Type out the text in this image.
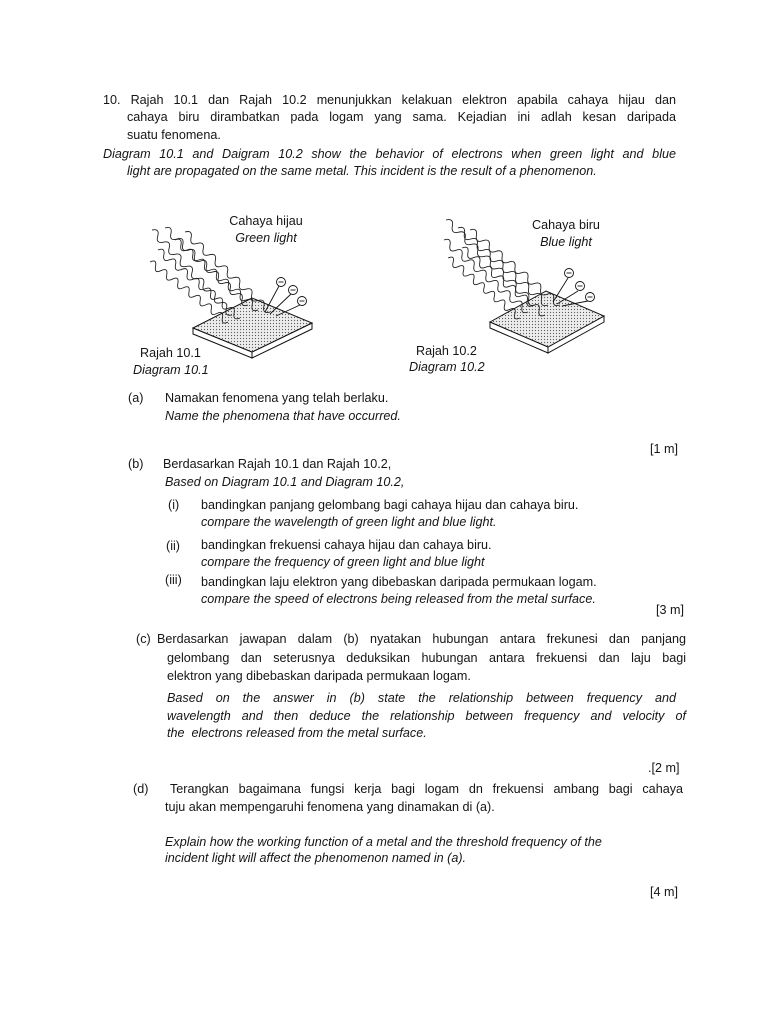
10. Rajah 10.1 dan Rajah 10.2 menunjukkan kelakuan elektron apabila cahaya hijau dan
cahaya biru dirambatkan pada logam yang sama. Kejadian ini adlah kesan daripada
suatu fenomena.
Diagram 10.1 and Daigram 10.2 show the behavior of electrons when green light and blue
light are propagated on the same metal. This incident is the result of a phenomenon.
Cahaya hijau
Green light
Rajah 10.1
Diagram 10.1
Cahaya biru
Blue light
Rajah 10.2
Diagram 10.2
(a) Namakan fenomena yang telah berlaku.
Name the phenomena that have occurred.
[1 m]
(b) Berdasarkan Rajah 10.1 dan Rajah 10.2,
Based on Diagram 10.1 and Diagram 10.2,
(i) bandingkan panjang gelombang bagi cahaya hijau dan cahaya biru.
compare the wavelength of green light and blue light.
(ii) bandingkan frekuensi cahaya hijau dan cahaya biru.
compare the frequency of green light and blue light
(iii) bandingkan laju elektron yang dibebaskan daripada permukaan logam.
compare the speed of electrons being released from the metal surface.
[3 m]
(c) Berdasarkan jawapan dalam (b) nyatakan hubungan antara frekunesi dan panjang
gelombang dan seterusnya deduksikan hubungan antara frekuensi dan laju bagi
elektron yang dibebaskan daripada permukaan logam.
Based on the answer in (b) state the relationship between frequency and
wavelength and then deduce the relationship between frequency and velocity of
the  electrons released from the metal surface.
.[2 m]
(d) Terangkan bagaimana fungsi kerja bagi logam dn frekuensi ambang bagi cahaya
tuju akan mempengaruhi fenomena yang dinamakan di (a).
Explain how the working function of a metal and the threshold frequency of the
incident light will affect the phenomenon named in (a).
[4 m]
